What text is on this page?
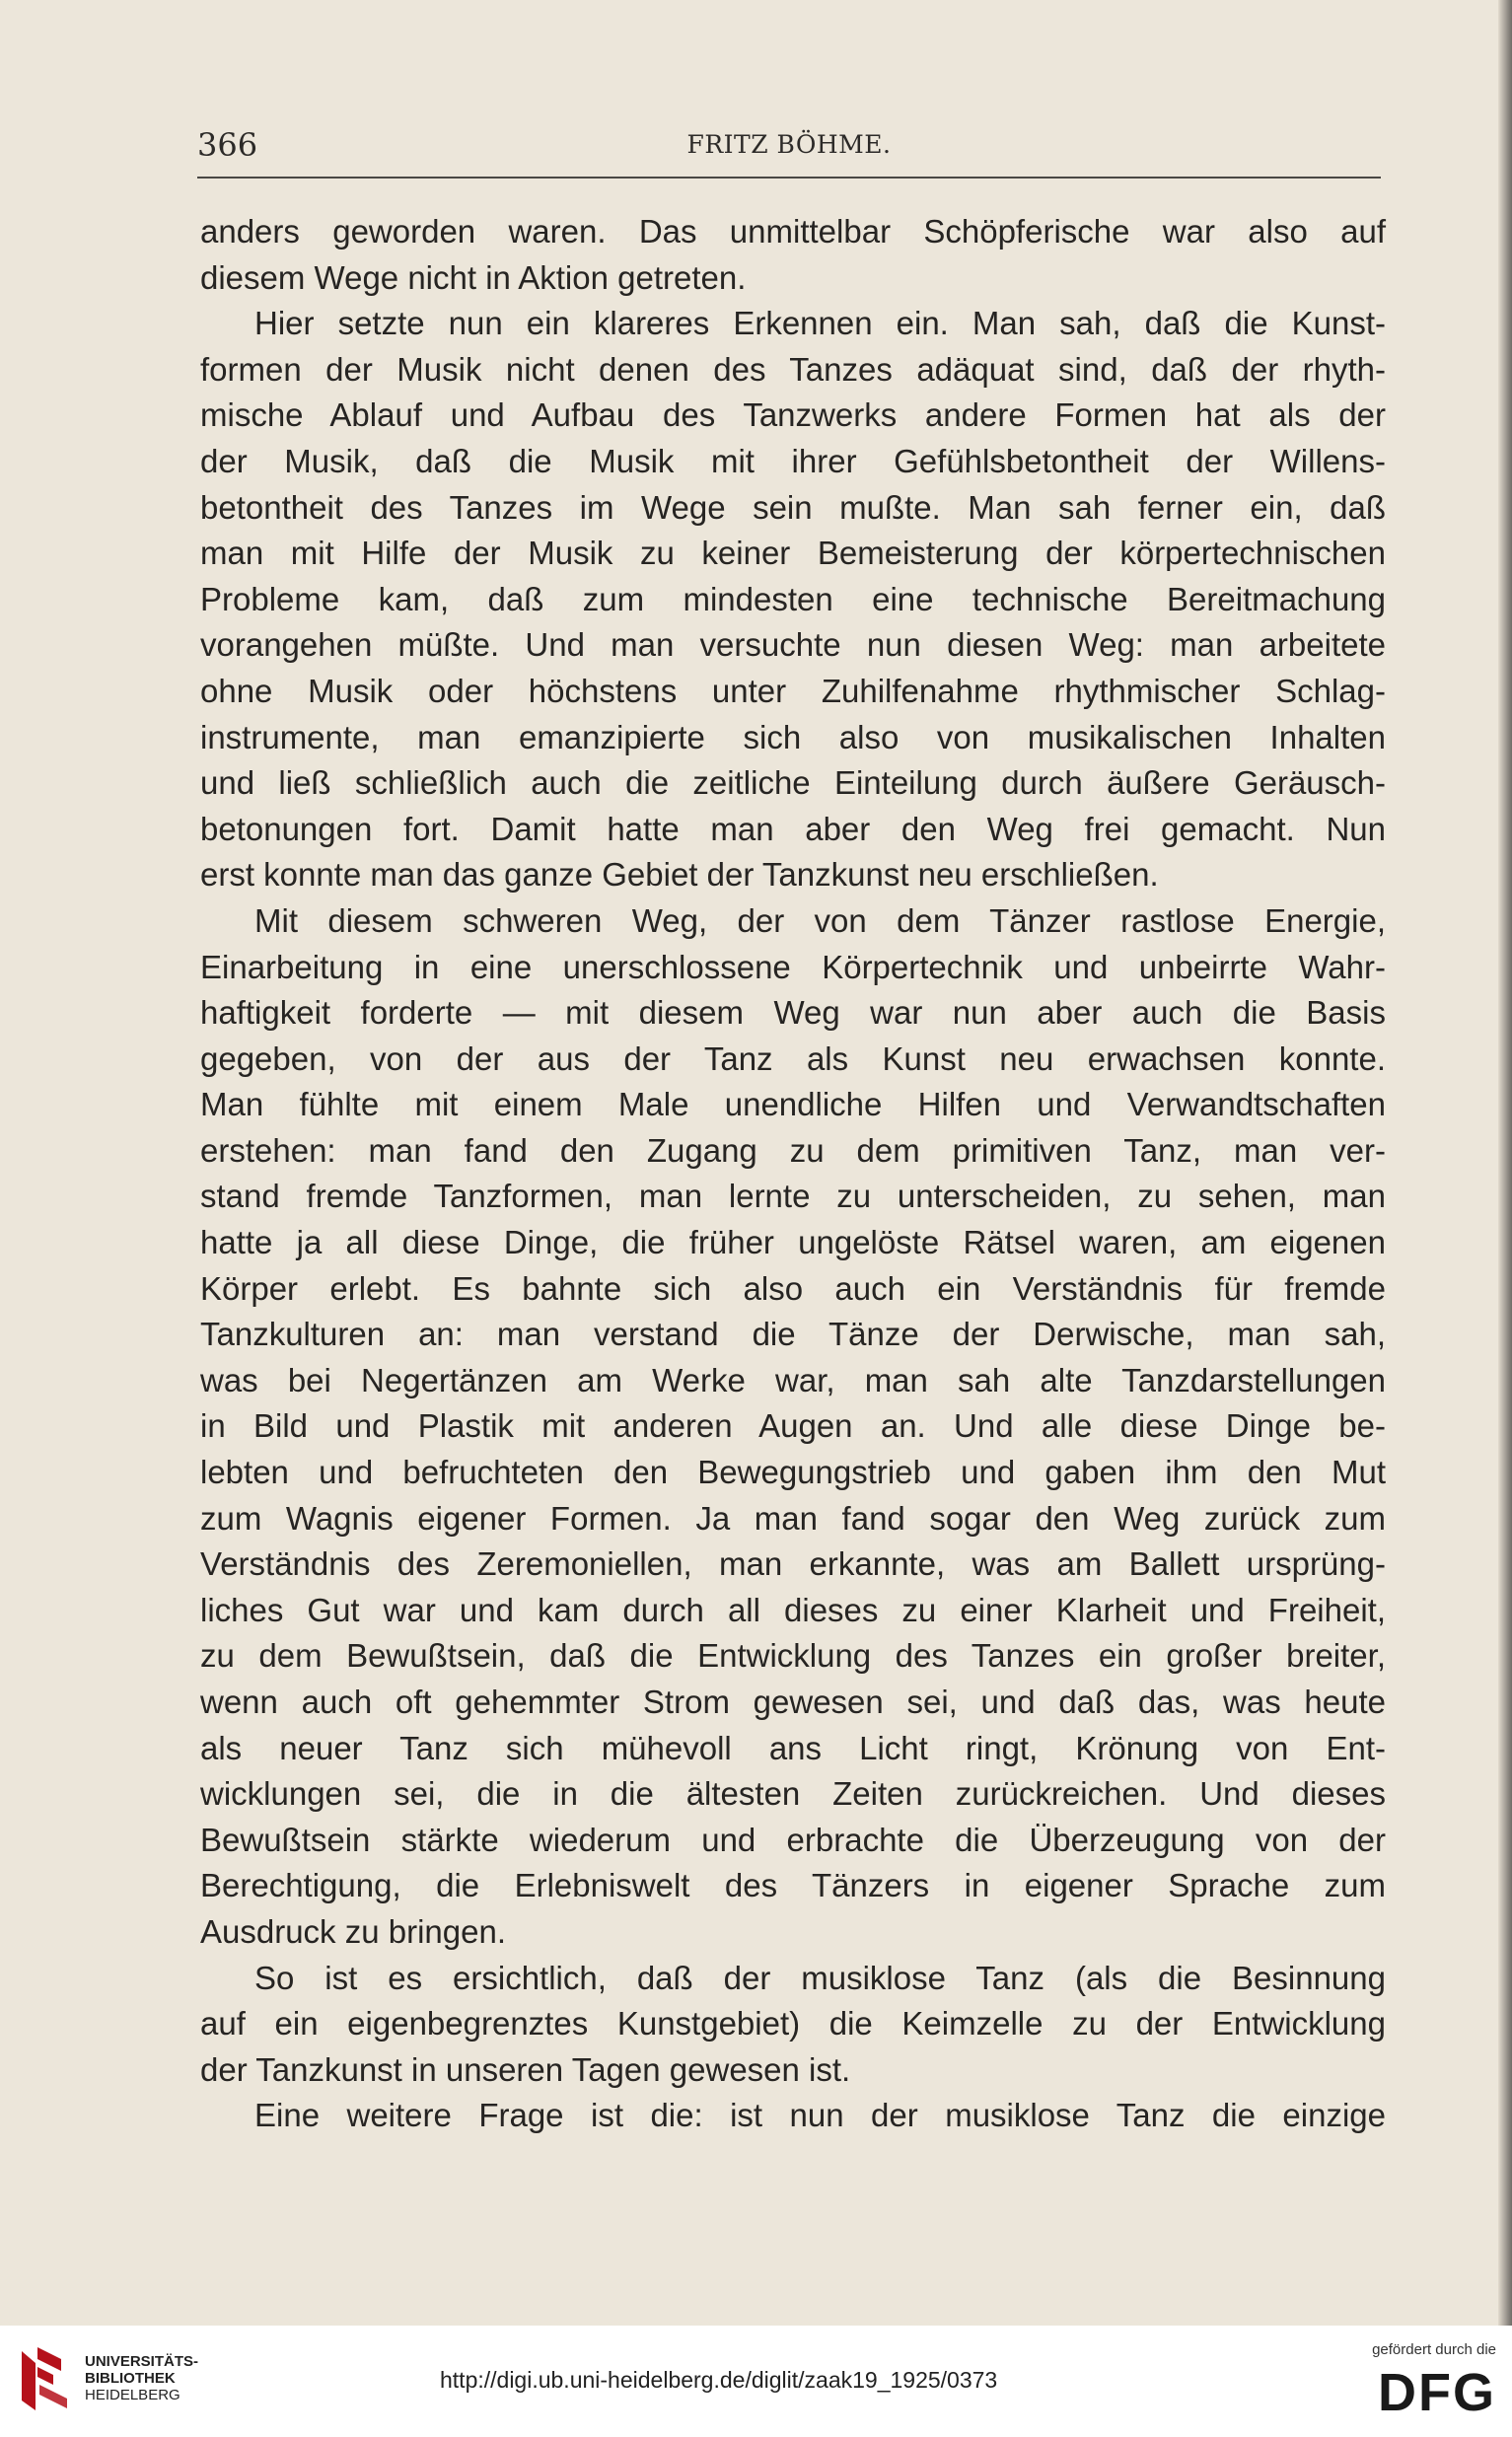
366	FRITZ BÖHME.
anders geworden waren. Das unmittelbar Schöpferische war also auf
diesem Wege nicht in Aktion getreten.
Hier setzte nun ein klareres Erkennen ein. Man sah, daß die Kunst-
formen der Musik nicht denen des Tanzes adäquat sind, daß der rhyth-
mische Ablauf und Aufbau des Tanzwerks andere Formen hat als der
der Musik, daß die Musik mit ihrer Gefühlsbetontheit der Willens-
betontheit des Tanzes im Wege sein mußte. Man sah ferner ein, daß
man mit Hilfe der Musik zu keiner Bemeisterung der körpertechnischen
Probleme kam, daß zum mindesten eine technische Bereitmachung
vorangehen müßte. Und man versuchte nun diesen Weg: man arbeitete
ohne Musik oder höchstens unter Zuhilfenahme rhythmischer Schlag-
instrumente, man emanzipierte sich also von musikalischen Inhalten
und ließ schließlich auch die zeitliche Einteilung durch äußere Geräusch-
betonungen fort. Damit hatte man aber den Weg frei gemacht. Nun
erst konnte man das ganze Gebiet der Tanzkunst neu erschließen.
Mit diesem schweren Weg, der von dem Tänzer rastlose Energie,
Einarbeitung in eine unerschlossene Körpertechnik und unbeirrte Wahr-
haftigkeit forderte — mit diesem Weg war nun aber auch die Basis
gegeben, von der aus der Tanz als Kunst neu erwachsen konnte.
Man fühlte mit einem Male unendliche Hilfen und Verwandtschaften
erstehen: man fand den Zugang zu dem primitiven Tanz, man ver-
stand fremde Tanzformen, man lernte zu unterscheiden, zu sehen, man
hatte ja all diese Dinge, die früher ungelöste Rätsel waren, am eigenen
Körper erlebt. Es bahnte sich also auch ein Verständnis für fremde
Tanzkulturen an: man verstand die Tänze der Derwische, man sah,
was bei Negertänzen am Werke war, man sah alte Tanzdarstellungen
in Bild und Plastik mit anderen Augen an. Und alle diese Dinge be-
lebten und befruchteten den Bewegungstrieb und gaben ihm den Mut
zum Wagnis eigener Formen. Ja man fand sogar den Weg zurück zum
Verständnis des Zeremoniellen, man erkannte, was am Ballett ursprüng-
liches Gut war und kam durch all dieses zu einer Klarheit und Freiheit,
zu dem Bewußtsein, daß die Entwicklung des Tanzes ein großer breiter,
wenn auch oft gehemmter Strom gewesen sei, und daß das, was heute
als neuer Tanz sich mühevoll ans Licht ringt, Krönung von Ent-
wicklungen sei, die in die ältesten Zeiten zurückreichen. Und dieses
Bewußtsein stärkte wiederum und erbrachte die Überzeugung von der
Berechtigung, die Erlebniswelt des Tänzers in eigener Sprache zum
Ausdruck zu bringen.
So ist es ersichtlich, daß der musiklose Tanz (als die Besinnung
auf ein eigenbegrenztes Kunstgebiet) die Keimzelle zu der Entwicklung
der Tanzkunst in unseren Tagen gewesen ist.
Eine weitere Frage ist die: ist nun der musiklose Tanz die einzige
UNIVERSITÄTS-
BIBLIOTHEK
HEIDELBERG
http://digi.ub.uni-heidelberg.de/diglit/zaak19_1925/0373
gefördert durch die
DFG
